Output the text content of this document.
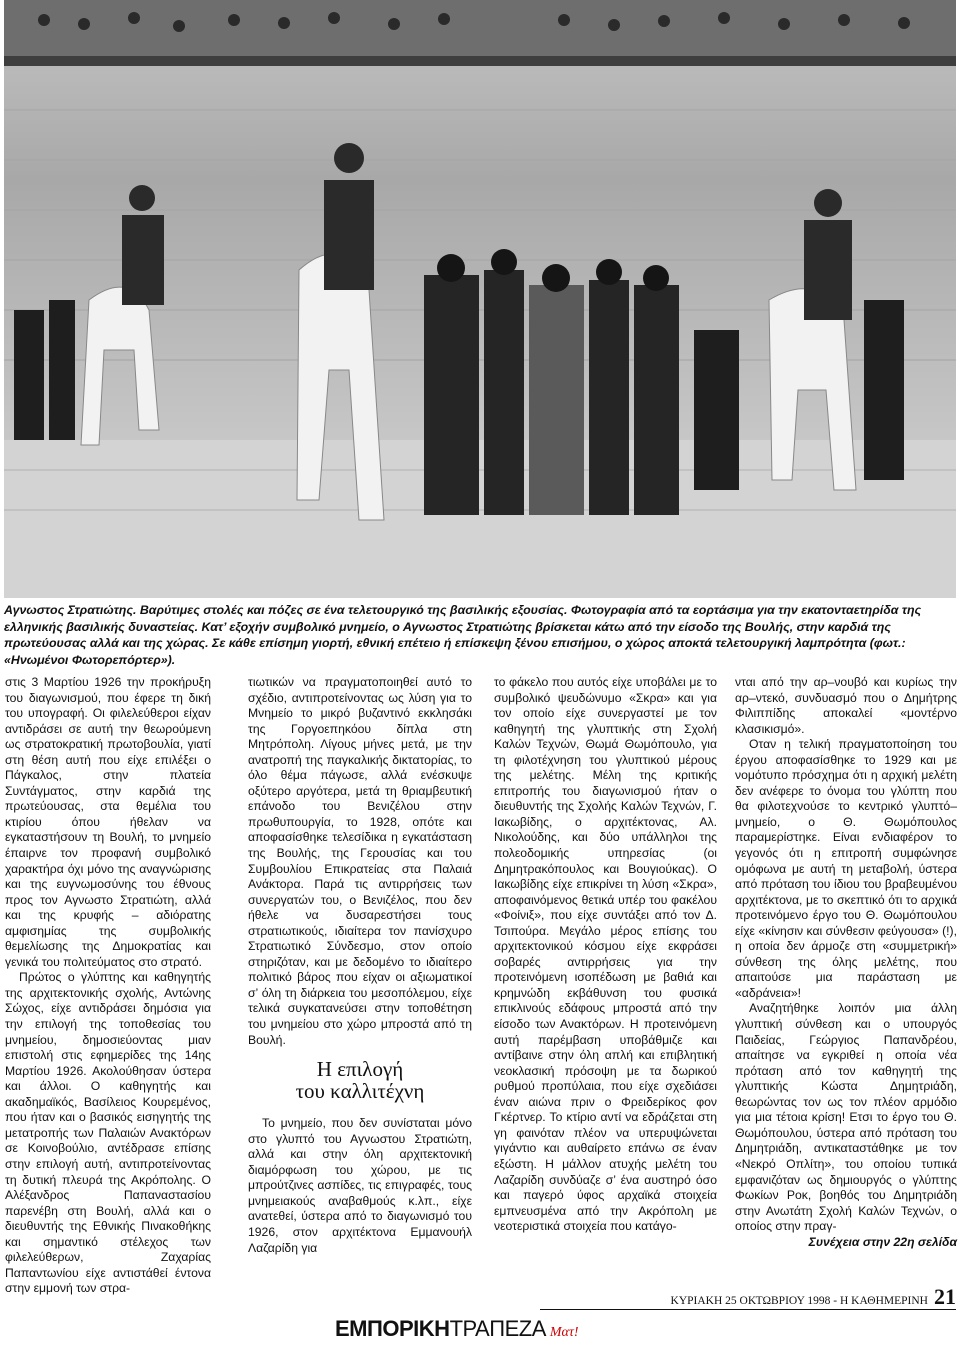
Αγνωστος Στρατιώτης. Βαρύτιμες στολές και πόζες σε ένα τελετουργικό της βασιλικής εξουσίας. Φωτογραφία από τα εορτάσιμα για την εκατονταετηρίδα της ελληνικής βασιλικής δυναστείας. Κατ’ εξοχήν συμβολικό μνημείο, ο Αγνωστος Στρατιώτης βρίσκεται κάτω από την είσοδο της Βουλής, στην καρδιά της πρωτεύουσας αλλά και της χώρας. Σε κάθε επίσημη γιορτή, εθνική επέτειο ή επίσκεψη ξένου επισήμου, ο χώρος αποκτά τελετουργική λαμπρότητα (φωτ.: «Ηνωμένοι Φωτορεπόρτερ»).

στις 3 Μαρτίου 1926 την προκήρυξη του διαγωνισμού, που έφερε τη δική του υπογραφή. Οι φιλελεύθεροι είχαν αντιδράσει σε αυτή την θεωρούμενη ως στρατοκρατική πρωτοβουλία, γιατί στη θέση αυτή που είχε επιλέξει ο Πάγκαλος, στην πλατεία Συντάγματος, στην καρδιά της πρωτεύουσας, στα θεμέλια του κτιρίου όπου ήθελαν να εγκαταστήσουν τη Βουλή, το μνημείο έπαιρνε τον προφανή συμβολικό χαρακτήρα όχι μόνο της αναγνώρισης και της ευγνωμοσύνης του έθνους προς τον Αγνωστο Στρατιώτη, αλλά και της κρυφής – αδιόρατης αμφισημίας της συμβολικής θεμελίωσης της Δημοκρατίας και γενικά του πολιτεύματος στο στρατό.

Πρώτος ο γλύπτης και καθηγητής της αρχιτεκτονικής σχολής, Αντώνης Σώχος, είχε αντιδράσει δημόσια για την επιλογή της τοποθεσίας του μνημείου, δημοσιεύοντας μιαν επιστολή στις εφημερίδες της 14ης Μαρτίου 1926. Ακολούθησαν ύστερα και άλλοι. Ο καθηγητής και ακαδημαϊκός, Βασίλειος Κουρεμένος, που ήταν και ο βασικός εισηγητής της μετατροπής των Παλαιών Ανακτόρων σε Κοινοβούλιο, αντέδρασε επίσης στην επιλογή αυτή, αντιπροτείνοντας τη δυτική πλευρά της Ακρόπολης. Ο Αλέξανδρος Παπαναστασίου παρενέβη στη Βουλή, αλλά και ο διευθυντής της Εθνικής Πινακοθήκης και σημαντικό στέλεχος των φιλελεύθερων, Ζαχαρίας Παπαντωνίου είχε αντιστάθεί έντονα στην εμμονή των στρα-

τιωτικών να πραγματοποιηθεί αυτό το σχέδιο, αντιπροτείνοντας ως λύση για το Μνημείο το μικρό βυζαντινό εκκλησάκι της Γοργοεπηκόου δίπλα στη Μητρόπολη. Λίγους μήνες μετά, με την ανατροπή της παγκαλικής δικτατορίας, το όλο θέμα πάγωσε, αλλά ενέσκυψε οξύτερο αργότερα, μετά τη θριαμβευτική επάνοδο του Βενιζέλου στην πρωθυπουργία, το 1928, οπότε και αποφασίσθηκε τελεσίδικα η εγκατάσταση της Βουλής, της Γερουσίας και του Συμβουλίου Επικρατείας στα Παλαιά Ανάκτορα. Παρά τις αντιρρήσεις των συνεργατών του, ο Βενιζέλος, που δεν ήθελε να δυσαρεστήσει τους στρατιωτικούς, ιδιαίτερα τον πανίσχυρο Στρατιωτικό Σύνδεσμο, στον οποίο στηριζόταν, και με δεδομένο το ιδιαίτερο πολιτικό βάρος που είχαν οι αξιωματικοί σ’ όλη τη διάρκεια του μεσοπόλεμου, είχε τελικά συγκατανεύσει στην τοποθέτηση του μνημείου στο χώρο μπροστά από τη Βουλή.

Η επιλογή
του καλλιτέχνη

Το μνημείο, που δεν συνίσταται μόνο στο γλυπτό του Αγνωστου Στρατιώτη, αλλά και στην όλη αρχιτεκτονική διαμόρφωση του χώρου, με τις μπρούτζινες ασπίδες, τις επιγραφές, τους μνημειακούς αναβαθμούς κ.λπ., είχε ανατεθεί, ύστερα από το διαγωνισμό του 1926, στον αρχιτέκτονα Εμμανουήλ Λαζαρίδη για

το φάκελο που αυτός είχε υποβάλει με το συμβολικό ψευδώνυμο «Σκρα» και για τον οποίο είχε συνεργαστεί με τον καθηγητή της γλυπτικής στη Σχολή Καλών Τεχνών, Θωμά Θωμόπουλο, για τη φιλοτέχνηση του γλυπτικού μέρους της μελέτης. Μέλη της κριτικής επιτροπής του διαγωνισμού ήταν ο διευθυντής της Σχολής Καλών Τεχνών, Γ. Ιακωβίδης, ο αρχιτέκτονας, Αλ. Νικολούδης, και δύο υπάλληλοι της πολεοδομικής υπηρεσίας (οι Δημητρακόπουλος και Βουγιούκας). Ο Ιακωβίδης είχε επικρίνει τη λύση «Σκρα», αποφαινόμενος θετικά υπέρ του φακέλου «Φοίνιξ», που είχε συντάξει από τον Δ. Τσιπούρα. Μεγάλο μέρος επίσης του αρχιτεκτονικού κόσμου είχε εκφράσει σοβαρές αντιρρήσεις για την προτεινόμενη ισοπέδωση με βαθιά και κρημνώδη εκβάθυνση του φυσικά επικλινούς εδάφους μπροστά από την είσοδο των Ανακτόρων. Η προτεινόμενη αυτή παρέμβαση υποβάθμιζε και αντίβαινε στην όλη απλή και επιβλητική νεοκλασική πρόσοψη με τα δωρικού ρυθμού προπύλαια, που είχε σχεδιάσει έναν αιώνα πριν ο Φρειδερίκος φον Γκέρτνερ. Το κτίριο αντί να εδράζεται στη γη φαινόταν πλέον να υπερυψώνεται γιγάντιο και αυθαίρετο επάνω σε έναν εξώστη. Η μάλλον ατυχής μελέτη του Λαζαρίδη συνδύαζε σ’ ένα αυστηρό όσο και παγερό ύφος αρχαϊκά στοιχεία εμπνευσμένα από την Ακρόπολη με νεοτεριστικά στοιχεία που κατάγο-

νται από την αρ–νουβό και κυρίως την αρ–ντεκό, συνδυασμό που ο Δημήτρης Φιλιππίδης αποκαλεί «μοντέρνο κλασικισμό».

Οταν η τελική πραγματοποίηση του έργου αποφασίσθηκε το 1929 και με νομότυπο πρόσχημα ότι η αρχική μελέτη δεν ανέφερε το όνομα του γλύπτη που θα φιλοτεχνούσε το κεντρικό γλυπτό–μνημείο, ο Θ. Θωμόπουλος παραμερίστηκε. Είναι ενδιαφέρον το γεγονός ότι η επιτροπή συμφώνησε ομόφωνα με αυτή τη μεταβολή, ύστερα από πρόταση του ίδιου του βραβευμένου αρχιτέκτονα, με το σκεπτικό ότι το αρχικά προτεινόμενο έργο του Θ. Θωμόπουλου είχε «κίνησιν και σύνθεσιν φεύγουσα» (!), η οποία δεν άρμοζε στη «συμμετρική» σύνθεση της όλης μελέτης, που απαιτούσε μια παράσταση με «αδράνεια»!

Αναζητήθηκε λοιπόν μια άλλη γλυπτική σύνθεση και ο υπουργός Παιδείας, Γεώργιος Παπανδρέου, απαίτησε να εγκριθεί η οποία νέα πρόταση από τον καθηγητή της γλυπτικής Κώστα Δημητριάδη, θεωρώντας τον ως τον πλέον αρμόδιο για μια τέτοια κρίση! Ετσι το έργο του Θ. Θωμόπουλου, ύστερα από πρόταση του Δημητριάδη, αντικαταστάθηκε με τον «Νεκρό Οπλίτη», του οποίου τυπικά εμφανιζόταν ως δημιουργός ο γλύπτης Φωκίων Ροκ, βοηθός του Δημητριάδη στην Ανωτάτη Σχολή Καλών Τεχνών, ο οποίος στην πραγ-

Συνέχεια στην 22η σελίδα

ΚΥΡΙΑΚΗ 25 ΟΚΤΩΒΡΙΟΥ 1998 - Η ΚΑΘΗΜΕΡΙΝΗ 21
ΕΜΠΟΡΙΚΗΤΡΑΠΕΖΑ Ματ!
